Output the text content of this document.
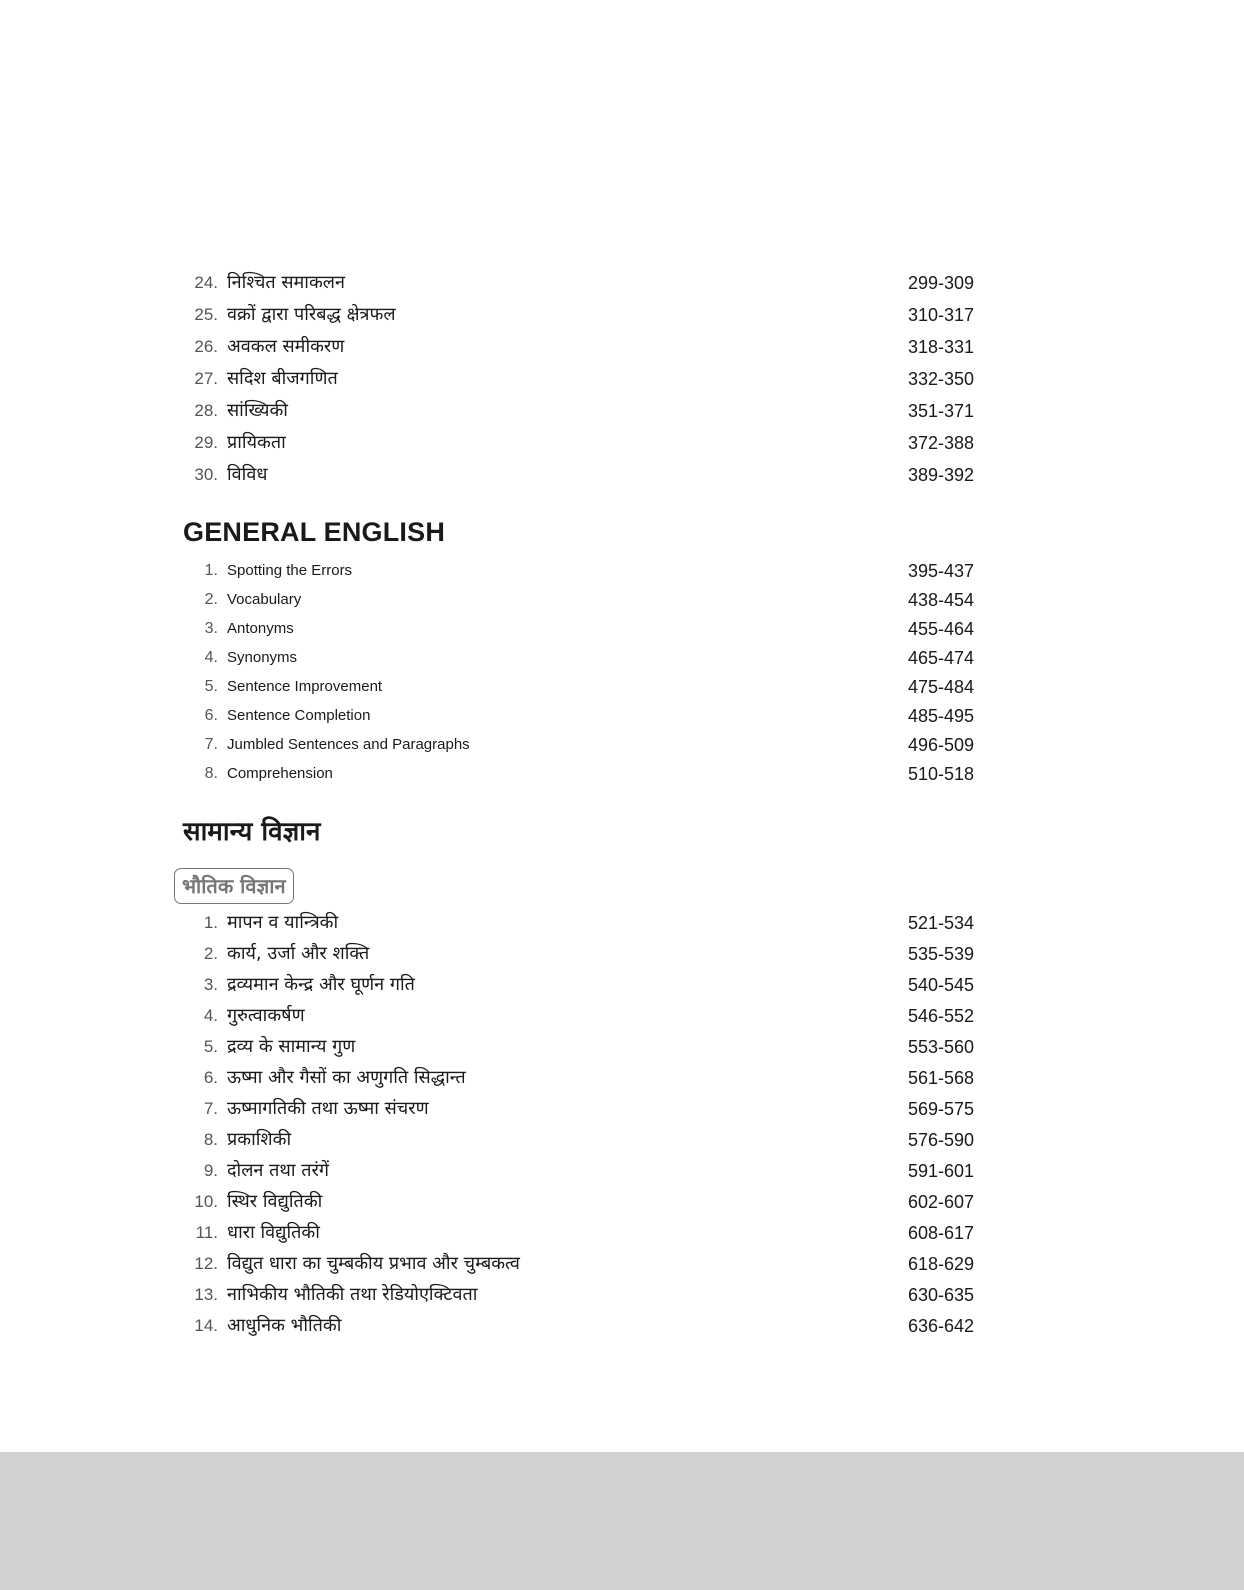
24. निश्चित समाकलन	299-309
25. वक्रों द्वारा परिबद्ध क्षेत्रफल	310-317
26. अवकल समीकरण	318-331
27. सदिश बीजगणित	332-350
28. सांख्यिकी	351-371
29. प्रायिकता	372-388
30. विविध	389-392
GENERAL ENGLISH
1. Spotting the Errors	395-437
2. Vocabulary	438-454
3. Antonyms	455-464
4. Synonyms	465-474
5. Sentence Improvement	475-484
6. Sentence Completion	485-495
7. Jumbled Sentences and Paragraphs	496-509
8. Comprehension	510-518
सामान्य विज्ञान
भौतिक विज्ञान
1. मापन व यान्त्रिकी	521-534
2. कार्य, उर्जा और शक्ति	535-539
3. द्रव्यमान केन्द्र और घूर्णन गति	540-545
4. गुरुत्वाकर्षण	546-552
5. द्रव्य के सामान्य गुण	553-560
6. ऊष्मा और गैसों का अणुगति सिद्धान्त	561-568
7. ऊष्मागतिकी तथा ऊष्मा संचरण	569-575
8. प्रकाशिकी	576-590
9. दोलन तथा तरंगें	591-601
10. स्थिर विद्युतिकी	602-607
11. धारा विद्युतिकी	608-617
12. विद्युत धारा का चुम्बकीय प्रभाव और चुम्बकत्व	618-629
13. नाभिकीय भौतिकी तथा रेडियोएक्टिवता	630-635
14. आधुनिक भौतिकी	636-642
